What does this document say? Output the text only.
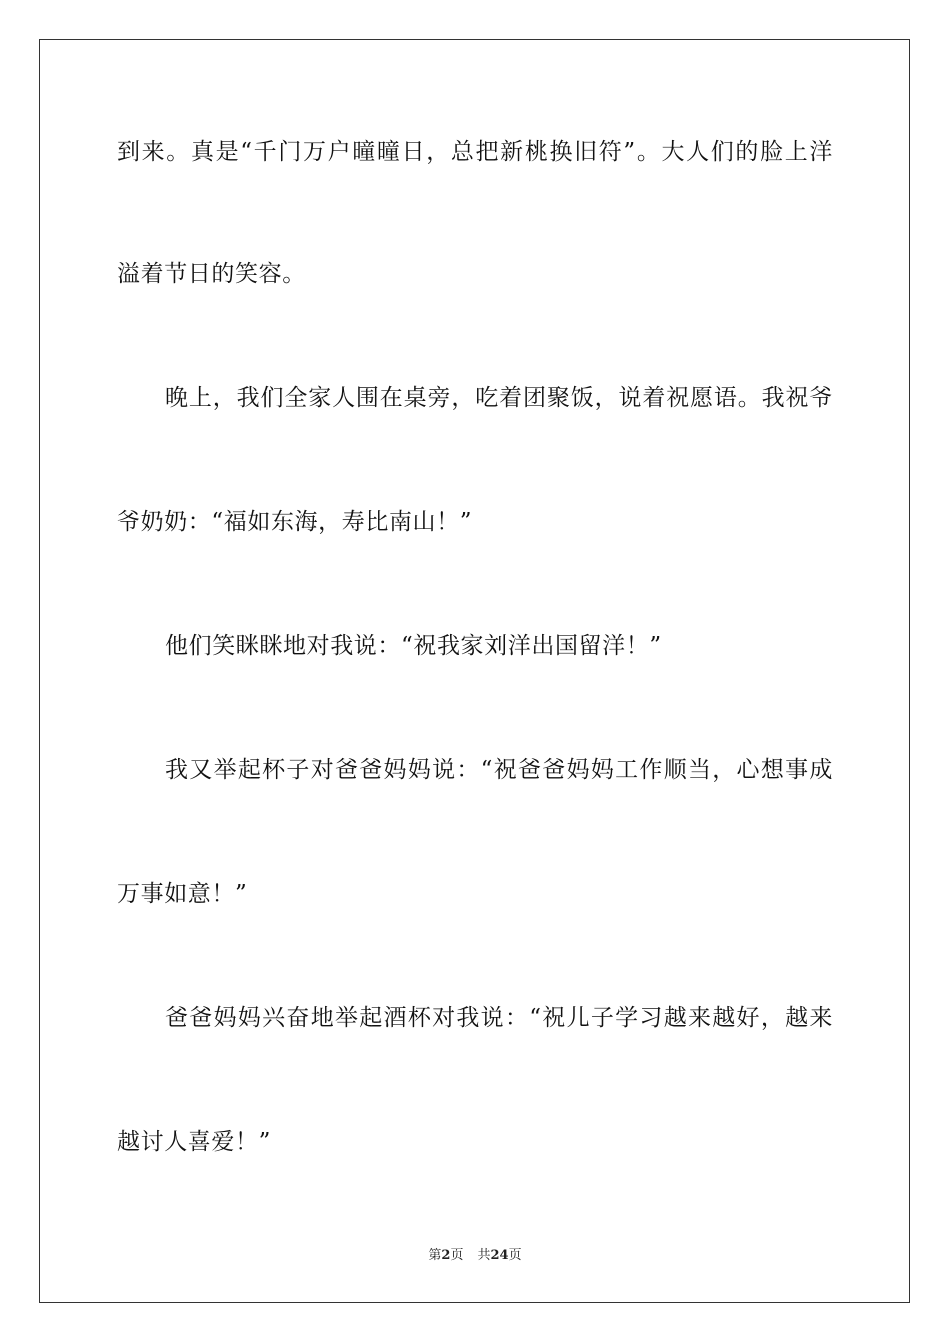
到来。真是“千门万户曈曈日，总把新桃换旧符”。大人们的脸上洋
溢着节日的笑容。
晚上，我们全家人围在桌旁，吃着团聚饭，说着祝愿语。我祝爷
爷奶奶：“福如东海，寿比南山！”
他们笑眯眯地对我说：“祝我家刘洋出国留洋！”
我又举起杯子对爸爸妈妈说：“祝爸爸妈妈工作顺当，心想事成
万事如意！”
爸爸妈妈兴奋地举起酒杯对我说：“祝儿子学习越来越好，越来
越讨人喜爱！”
第2页 共24页
